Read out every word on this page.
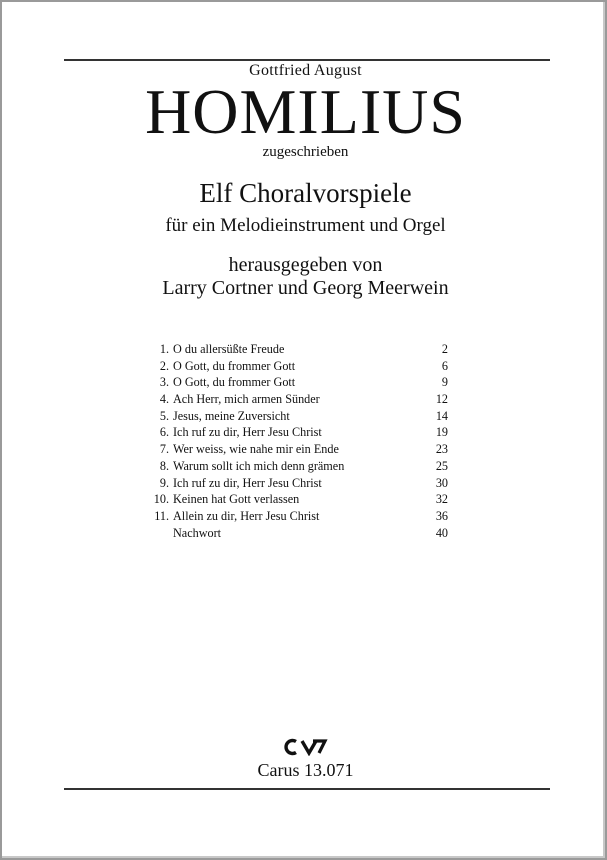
Gottfried August
HOMILIUS
zugeschrieben
Elf Choralvorspiele
für ein Melodieinstrument und Orgel
herausgegeben von
Larry Cortner und Georg Meerwein
1. O du allersüßte Freude	2
2. O Gott, du frommer Gott	6
3. O Gott, du frommer Gott	9
4. Ach Herr, mich armen Sünder	12
5. Jesus, meine Zuversicht	14
6. Ich ruf zu dir, Herr Jesu Christ	19
7. Wer weiss, wie nahe mir ein Ende	23
8. Warum sollt ich mich denn grämen	25
9. Ich ruf zu dir, Herr Jesu Christ	30
10. Keinen hat Gott verlassen	32
11. Allein zu dir, Herr Jesu Christ	36
Nachwort	40
Carus 13.071
